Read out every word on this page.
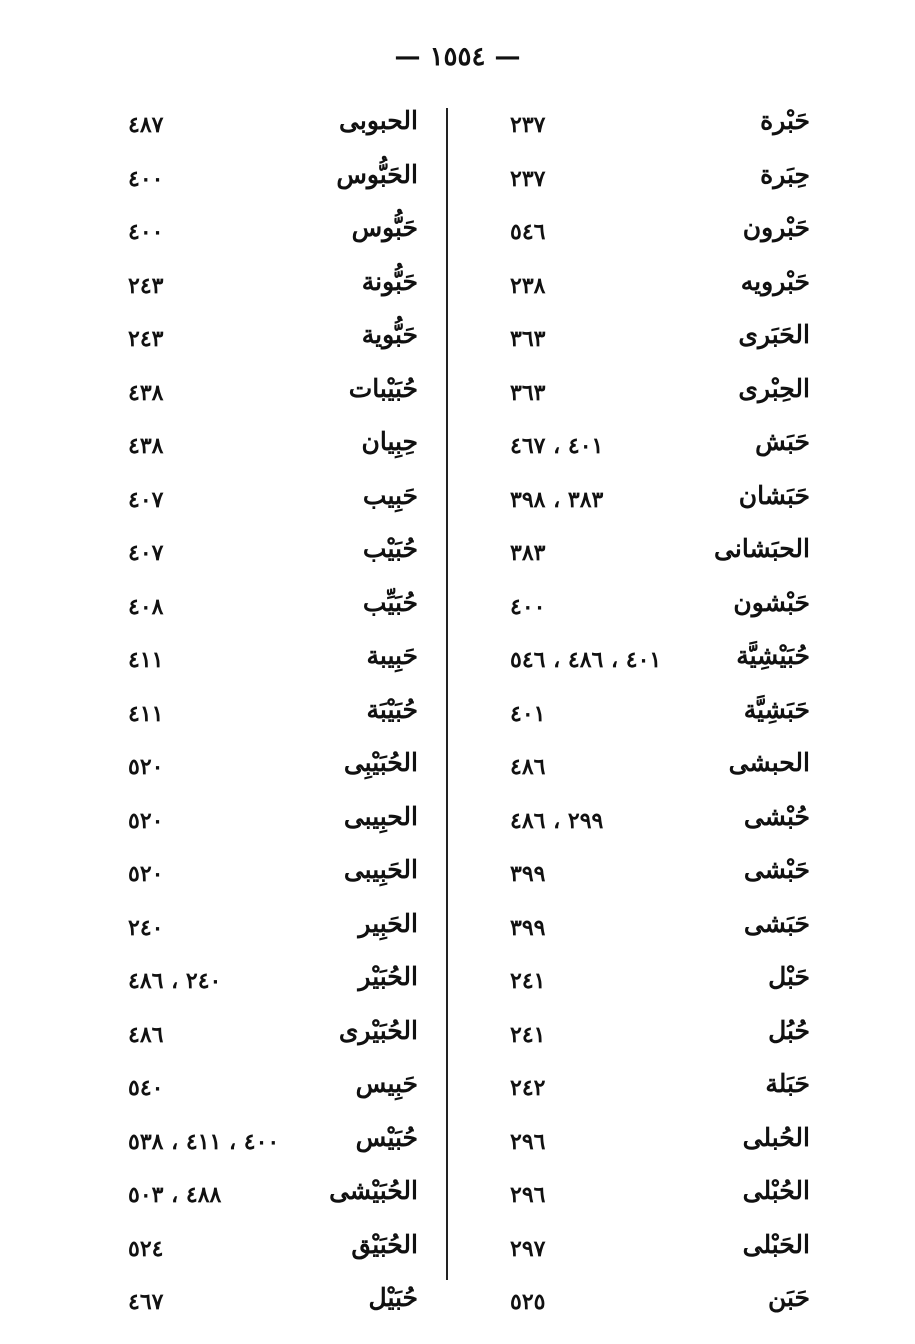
— ١٥٥٤ —
حَبْرة
٢٣٧
حِبَرة
٢٣٧
حَبْرون
٥٤٦
حَبْرويه
٢٣٨
الحَبَرى
٣٦٣
الحِبْرى
٣٦٣
حَبَش
٤٠١ ، ٤٦٧
حَبَشان
٣٨٣ ، ٣٩٨
الحبَشانى
٣٨٣
حَبْشون
٤٠٠
حُبَيْشِيَّة
٤٠١ ، ٤٨٦ ، ٥٤٦
حَبَشِيَّة
٤٠١
الحبشى
٤٨٦
حُبْشى
٢٩٩ ، ٤٨٦
حَبْشى
٣٩٩
حَبَشى
٣٩٩
حَبْل
٢٤١
حُبُل
٢٤١
حَبَلة
٢٤٢
الحُبلى
٢٩٦
الحُبْلى
٢٩٦
الحَبْلى
٢٩٧
حَبَن
٥٢٥
الحبوبى
٤٨٧
الحَبُّوس
٤٠٠
حَبُّوس
٤٠٠
حَبُّونة
٢٤٣
حَبُّوية
٢٤٣
حُبَيْبات
٤٣٨
حِبِيان
٤٣٨
حَبِيب
٤٠٧
حُبَيْب
٤٠٧
حُبَيِّب
٤٠٨
حَبِيبة
٤١١
حُبَيْبَة
٤١١
الحُبَيْبِى
٥٢٠
الحبِيبى
٥٢٠
الحَبِيبى
٥٢٠
الحَبِير
٢٤٠
الحُبَيْر
٢٤٠ ، ٤٨٦
الحُبَيْرى
٤٨٦
حَبِيس
٥٤٠
حُبَيْس
٤٠٠ ، ٤١١ ، ٥٣٨
الحُبَيْشى
٤٨٨ ، ٥٠٣
الحُبَيْق
٥٢٤
حُبَيْل
٤٦٧
